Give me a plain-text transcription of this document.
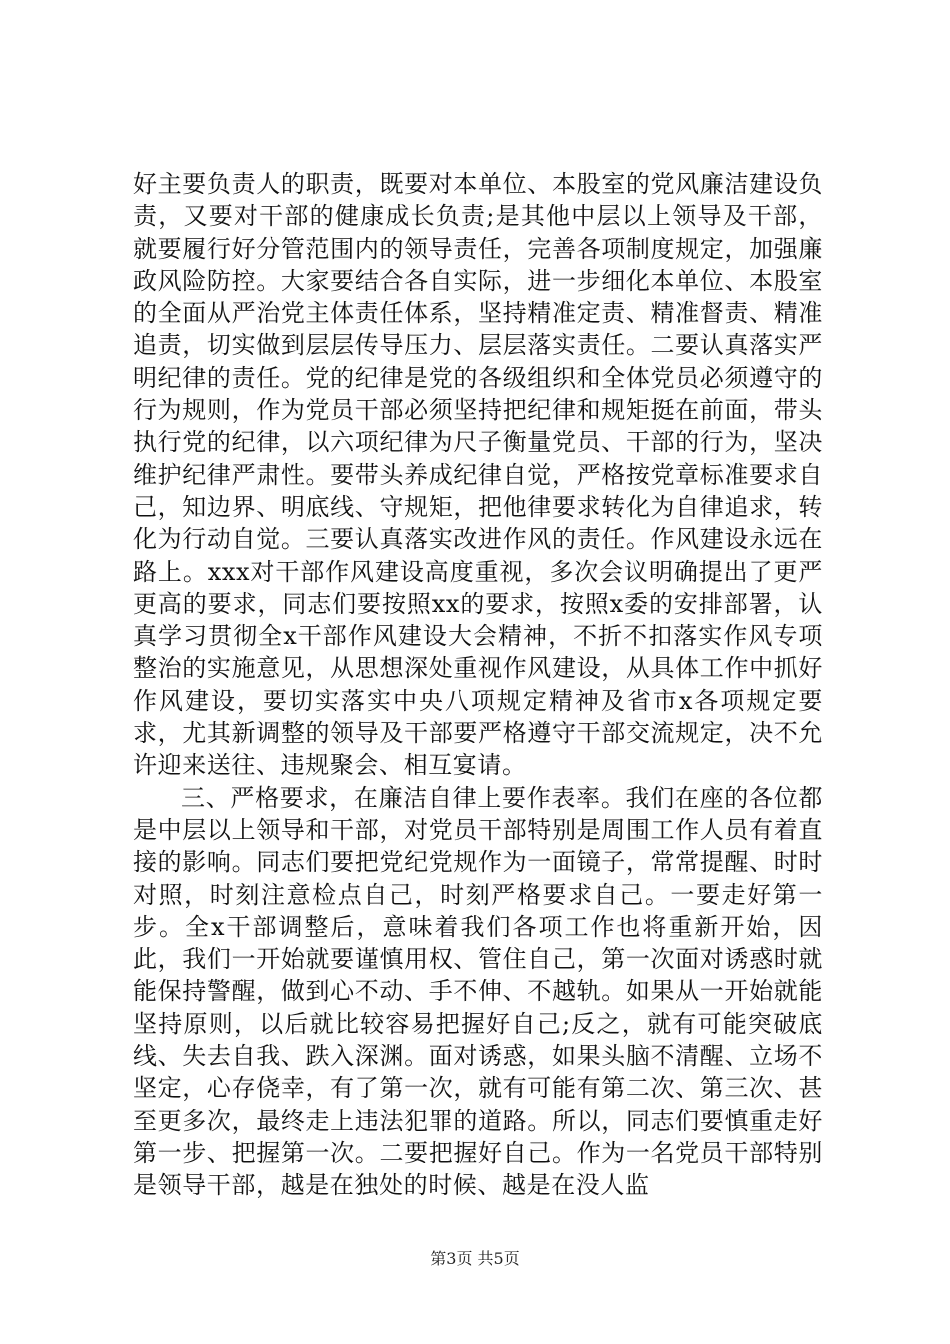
好主要负责人的职责，既要对本单位、本股室的党风廉洁建设负责，又要对干部的健康成长负责;是其他中层以上领导及干部，就要履行好分管范围内的领导责任，完善各项制度规定，加强廉政风险防控。大家要结合各自实际，进一步细化本单位、本股室的全面从严治党主体责任体系，坚持精准定责、精准督责、精准追责，切实做到层层传导压力、层层落实责任。二要认真落实严明纪律的责任。党的纪律是党的各级组织和全体党员必须遵守的行为规则，作为党员干部必须坚持把纪律和规矩挺在前面，带头执行党的纪律，以六项纪律为尺子衡量党员、干部的行为，坚决维护纪律严肃性。要带头养成纪律自觉，严格按党章标准要求自己，知边界、明底线、守规矩，把他律要求转化为自律追求，转化为行动自觉。三要认真落实改进作风的责任。作风建设永远在路上。xxx对干部作风建设高度重视，多次会议明确提出了更严更高的要求，同志们要按照xx的要求，按照x委的安排部署，认真学习贯彻全x干部作风建设大会精神，不折不扣落实作风专项整治的实施意见，从思想深处重视作风建设，从具体工作中抓好作风建设，要切实落实中央八项规定精神及省市x各项规定要求，尤其新调整的领导及干部要严格遵守干部交流规定，决不允许迎来送往、违规聚会、相互宴请。

三、严格要求，在廉洁自律上要作表率。我们在座的各位都是中层以上领导和干部，对党员干部特别是周围工作人员有着直接的影响。同志们要把党纪党规作为一面镜子，常常提醒、时时对照，时刻注意检点自己，时刻严格要求自己。一要走好第一步。全x干部调整后，意味着我们各项工作也将重新开始，因此，我们一开始就要谨慎用权、管住自己，第一次面对诱惑时就能保持警醒，做到心不动、手不伸、不越轨。如果从一开始就能坚持原则，以后就比较容易把握好自己;反之，就有可能突破底线、失去自我、跌入深渊。面对诱惑，如果头脑不清醒、立场不坚定，心存侥幸，有了第一次，就有可能有第二次、第三次、甚至更多次，最终走上违法犯罪的道路。所以，同志们要慎重走好第一步、把握第一次。二要把握好自己。作为一名党员干部特别是领导干部，越是在独处的时候、越是在没人监

第3页 共5页
